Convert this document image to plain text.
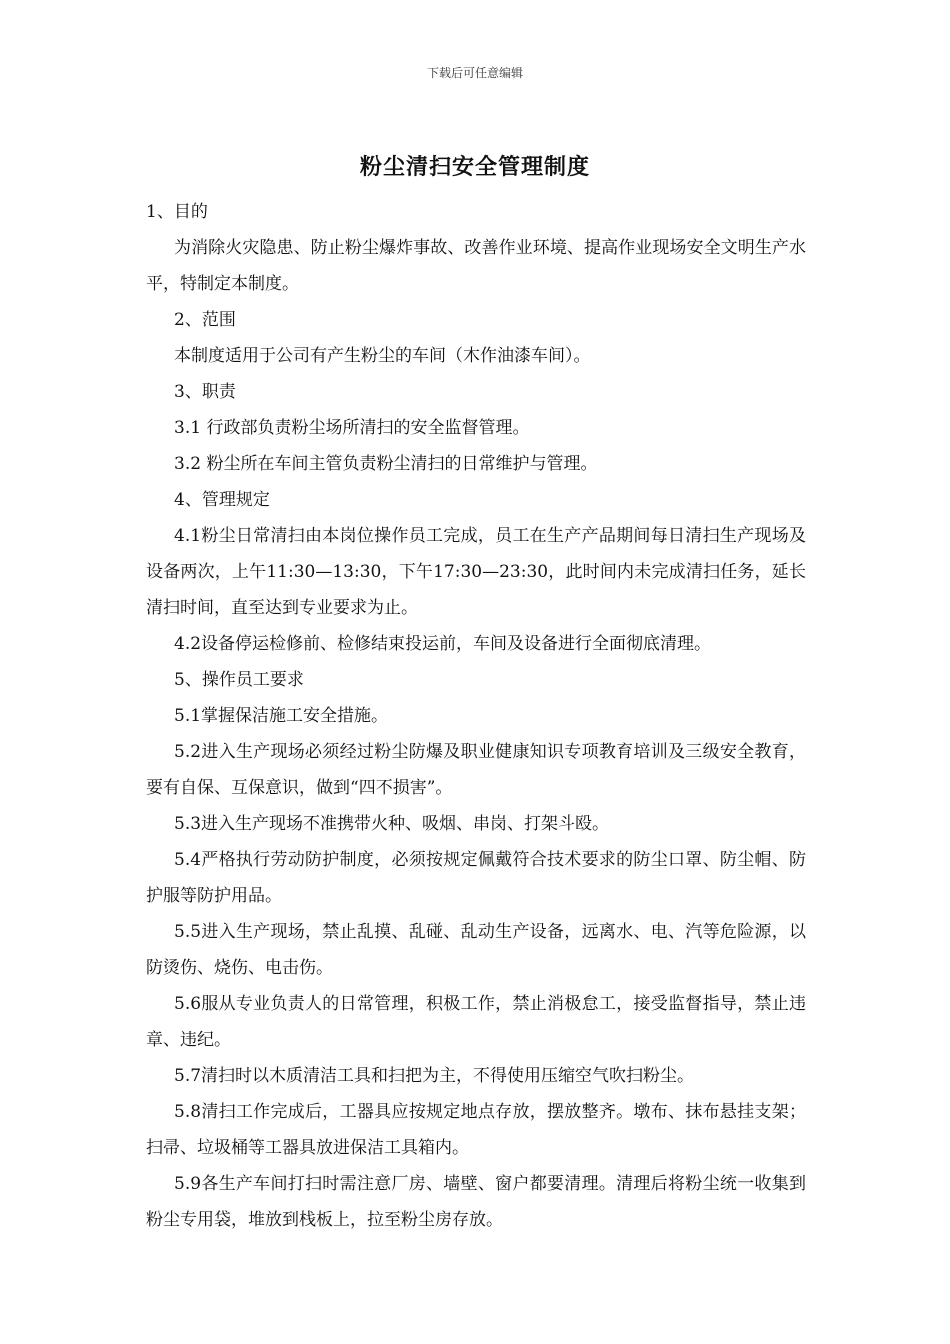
下载后可任意编辑
粉尘清扫安全管理制度

1、目的

为消除火灾隐患、防止粉尘爆炸事故、改善作业环境、提高作业现场安全文明生产水平，特制定本制度。

2、范围

本制度适用于公司有产生粉尘的车间（木作油漆车间）。

3、职责

3.1 行政部负责粉尘场所清扫的安全监督管理。

3.2 粉尘所在车间主管负责粉尘清扫的日常维护与管理。

4、管理规定

4.1粉尘日常清扫由本岗位操作员工完成，员工在生产产品期间每日清扫生产现场及设备两次，上午11:30—13:30，下午17:30—23:30，此时间内未完成清扫任务，延长清扫时间，直至达到专业要求为止。

4.2设备停运检修前、检修结束投运前，车间及设备进行全面彻底清理。

5、操作员工要求

5.1掌握保洁施工安全措施。

5.2进入生产现场必须经过粉尘防爆及职业健康知识专项教育培训及三级安全教育，要有自保、互保意识，做到“四不损害”。

5.3进入生产现场不准携带火种、吸烟、串岗、打架斗殴。

5.4严格执行劳动防护制度，必须按规定佩戴符合技术要求的防尘口罩、防尘帽、防护服等防护用品。

5.5进入生产现场，禁止乱摸、乱碰、乱动生产设备，远离水、电、汽等危险源，以防烫伤、烧伤、电击伤。

5.6服从专业负责人的日常管理，积极工作，禁止消极怠工，接受监督指导，禁止违章、违纪。

5.7清扫时以木质清洁工具和扫把为主，不得使用压缩空气吹扫粉尘。

5.8清扫工作完成后，工器具应按规定地点存放，摆放整齐。墩布、抹布悬挂支架；扫帚、垃圾桶等工器具放进保洁工具箱内。

5.9各生产车间打扫时需注意厂房、墙壁、窗户都要清理。清理后将粉尘统一收集到粉尘专用袋，堆放到栈板上，拉至粉尘房存放。
